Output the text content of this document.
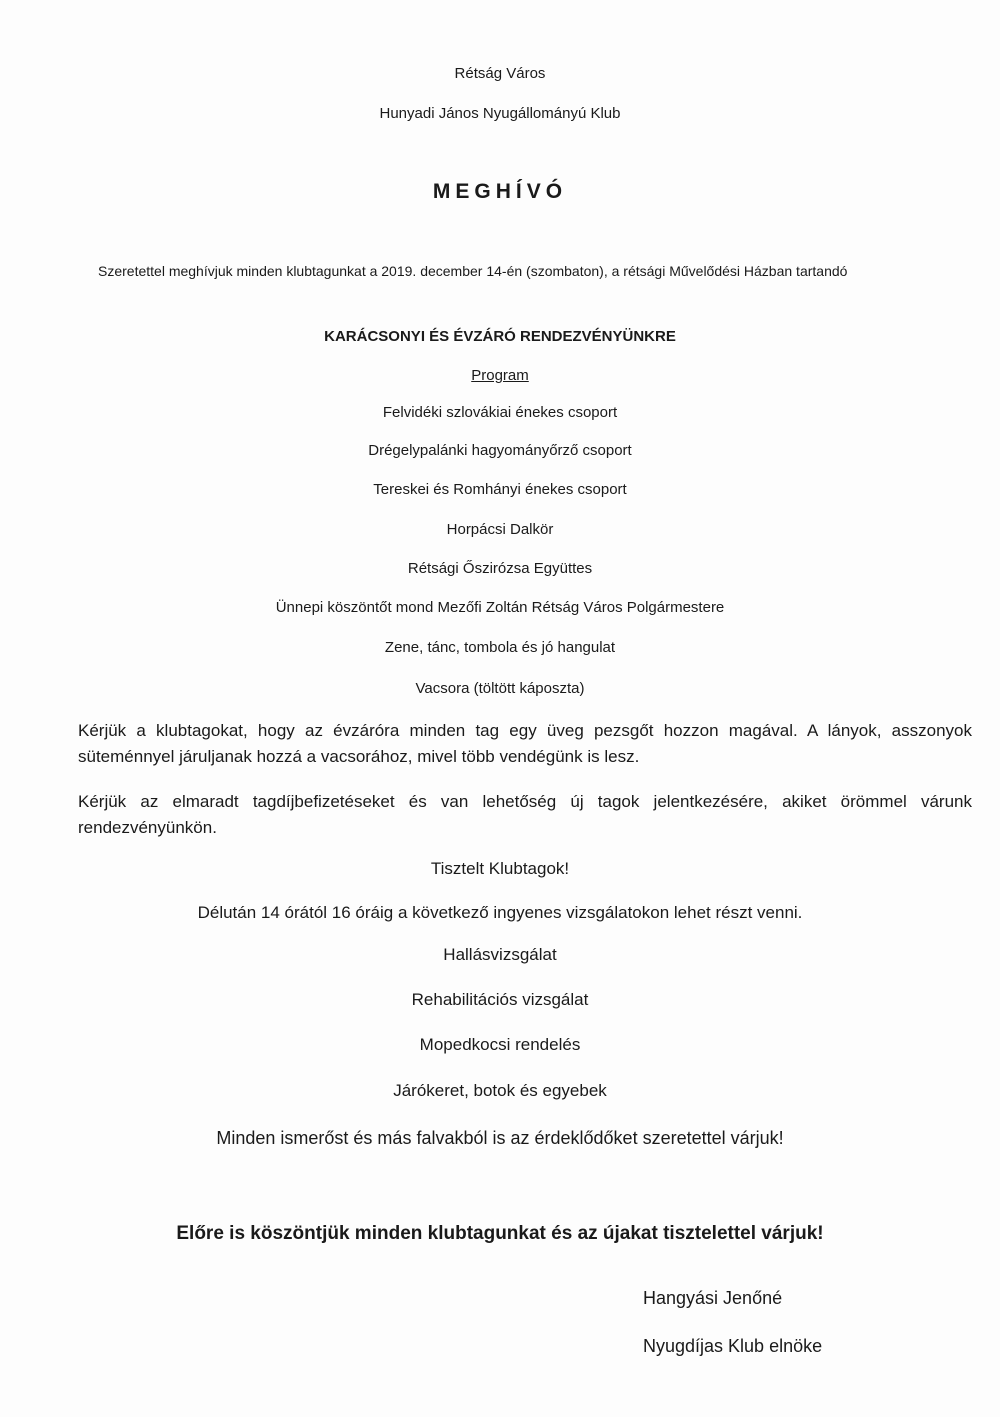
Rétság Város
Hunyadi János Nyugállományú Klub
MEGHÍVÓ
Szeretettel meghívjuk minden klubtagunkat a 2019. december 14-én (szombaton), a rétsági Művelődési Házban tartandó
KARÁCSONYI ÉS ÉVZÁRÓ RENDEZVÉNYÜNKRE
Program
Felvidéki szlovákiai énekes csoport
Drégelypalánki hagyományőrző csoport
Tereskei és Romhányi énekes csoport
Horpácsi Dalkör
Rétsági Őszirózsa Együttes
Ünnepi köszöntőt mond Mezőfi Zoltán Rétság Város Polgármestere
Zene, tánc, tombola és jó hangulat
Vacsora (töltött káposzta)
Kérjük a klubtagokat, hogy az évzáróra minden tag egy üveg pezsgőt hozzon magával. A lányok, asszonyok süteménnyel járuljanak hozzá a vacsorához, mivel több vendégünk is lesz.
Kérjük az elmaradt tagdíjbefizetéseket és van lehetőség új tagok jelentkezésére, akiket örömmel várunk rendezvényünkön.
Tisztelt Klubtagok!
Délután 14 órától 16 óráig a következő ingyenes vizsgálatokon lehet részt venni.
Hallásvizsgálat
Rehabilitációs vizsgálat
Mopedkocsi rendelés
Járókeret, botok és egyebek
Minden ismerőst és más falvakból is az érdeklődőket szeretettel várjuk!
Előre is köszöntjük minden klubtagunkat és az újakat tisztelettel várjuk!
Hangyási Jenőné
Nyugdíjas Klub elnöke
